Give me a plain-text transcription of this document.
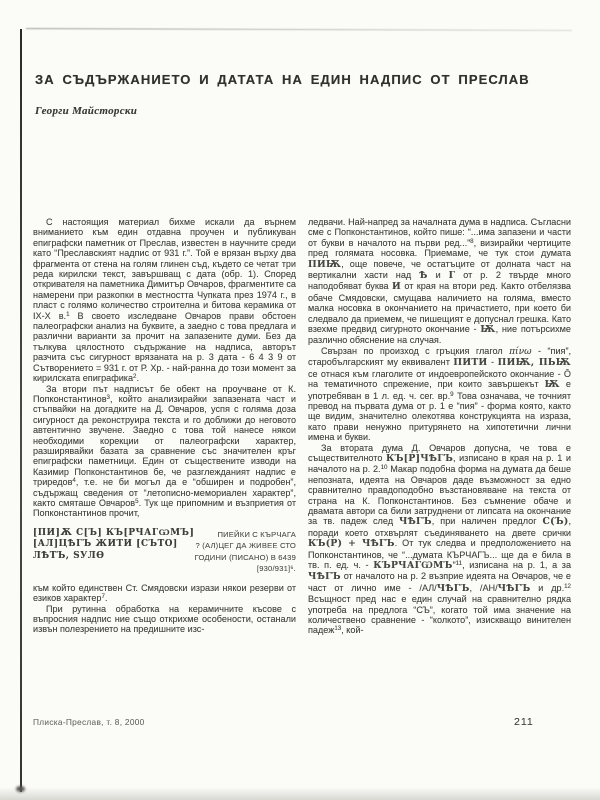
ЗА СЪДЪРЖАНИЕТО И ДАТАТА НА ЕДИН НАДПИС ОТ ПРЕСЛАВ
Георги Майсторски

С настоящия материал бихме искали да върнем вниманието към един отдавна проучен и публикуван епиграфски паметник от Преслав, известен в научните среди като “Преславският надпис от 931 г.”. Той е врязан върху два фрагмента от стена на голям глинен съд, където се четат три реда кирилски текст, завършващ с дата (обр. 1). Според откривателя на паметника Димитър Овчаров, фрагментите са намерени при разкопки в местността Чупката през 1974 г., в пласт с голямо количество строителна и битова керамика от IX-X в.$^1$ В своето изследване Овчаров прави обстоен палеографски анализ на буквите, а заедно с това предлага и различни варианти за прочит на запазените думи. Без да тълкува цялостното съдържание на надписа, авторът разчита със сигурност врязаната на р. 3 дата - 6 4 3 9 от Сътворението = 931 г. от Р. Хр. - най-ранна до този момент за кирилската епиграфика$^2$.

За втори път надписът бе обект на проучване от К. Попконстантинов$^3$, който анализирайки запазената част и стъпвайки на догадките на Д. Овчаров, успя с голяма доза сигурност да реконструира текста и го доближи до неговото автентично звучене. Заедно с това той нанесе някои необходими корекции от палеографски характер, разширявайки базата за сравнение със значителен кръг епиграфски паметници. Един от съществените изводи на Казимир Попконстантинов бе, че разглежданият надпис е триредов$^4$, т.е. не би могъл да е “обширен и подробен”, съдържащ сведения от “летописно-мемориален характер”, както смяташе Овчаров$^5$. Тук ще припомним и възприетия от Попконстантинов прочит,

[ПИ]Ѫ С[Ъ] КЪ[РЧАГѠМЪ]
[АЛ]ЦѢГЪ ЖИТИ [СЪТО]
ЛѢТЪ, ЅУЛѲ
ПИЕЙКИ С КЪРЧАГА
? (АЛ)ЦЕГ ДА ЖИВЕЕ СТО
ГОДИНИ (ПИСАНО) В 6439
[930/931]⁶.

към който единствен Ст. Смядовски изрази някои резерви от езиков характер$^7$.

При рутинна обработка на керамичните късове с въпросния надпис ние също открихме особености, останали извън полезрението на предишните изс-

ледвачи. Най-напред за началната дума в надписа. Съгласни сме с Попконстантинов, който пише: “...има запазени и части от букви в началото на първи ред...”$^8$, визирайки чертиците пред голямата носовка. Приемаме, че тук стои думата ПИѬ, още повече, че остатъците от долната част на вертикални хасти над Ѣ и Г от р. 2 твърде много наподобяват буква И от края на втори ред. Както отбелязва обаче Смядовски, смущава наличието на голяма, вместо малка носовка в окончанието на причастието, при което би следвало да приемем, че пишещият е допуснал грешка. Като взехме предвид сигурното окончание - Ѭ, ние потърсихме различно обяснение на случая.

Свързан по произход с гръцкия глагол πίνω - “пия”, старобългарският му еквивалент ПИТИ - ПИѬ, ПЬѬ се отнася към глаголите от индоевропейското окончание - Ō на тематичното спрежение, при които завършекът Ѭ е употребяван в 1 л. ед. ч. сег. вр.$^9$ Това означава, че точният превод на първата дума от р. 1 е “пия” - форма която, както ще видим, значително олекотява конструкцията на израза, като прави ненужно притурянето на хипотетични лични имена и букви.

За втората дума Д. Овчаров допусна, че това е съществителното КЪ[Р]ЧѢГЪ, изписано в края на р. 1 и началото на р. 2.10 Макар подобна форма на думата да беше непозната, идеята на Овчаров даде възможност за едно сравнително правдоподобно възстановяване на текста от страна на К. Попконстантинов. Без съмнение обаче и двамата автори са били затруднени от липсата на окончание за тв. падеж след ЧѢГЪ, при наличен предлог С(Ъ), поради което отхвърлят съединяването на двете срички КЪ(Р) + ЧѢГЪ. От тук следва и предположението на Попконстантинов, че “...думата КЪРЧАГЪ... ще да е била в тв. п. ед. ч. - КЪРЧАГѠМЪ”$^{11}$, изписана на р. 1, а за ЧѢГЪ от началото на р. 2 възприе идеята на Овчаров, че е част от лично име - /АЛ/ЧѢГЪ, /АН/ЧѢГЪ и др.$^{12}$ Всъщност пред нас е един случай на сравнително рядка употреба на предлога “СЪ”, когато той има значение на количествено сравнение - “колкото”, изискващо винителен падеж$^{13}$, кой-

Плиска-Преслав, т. 8, 2000	211
